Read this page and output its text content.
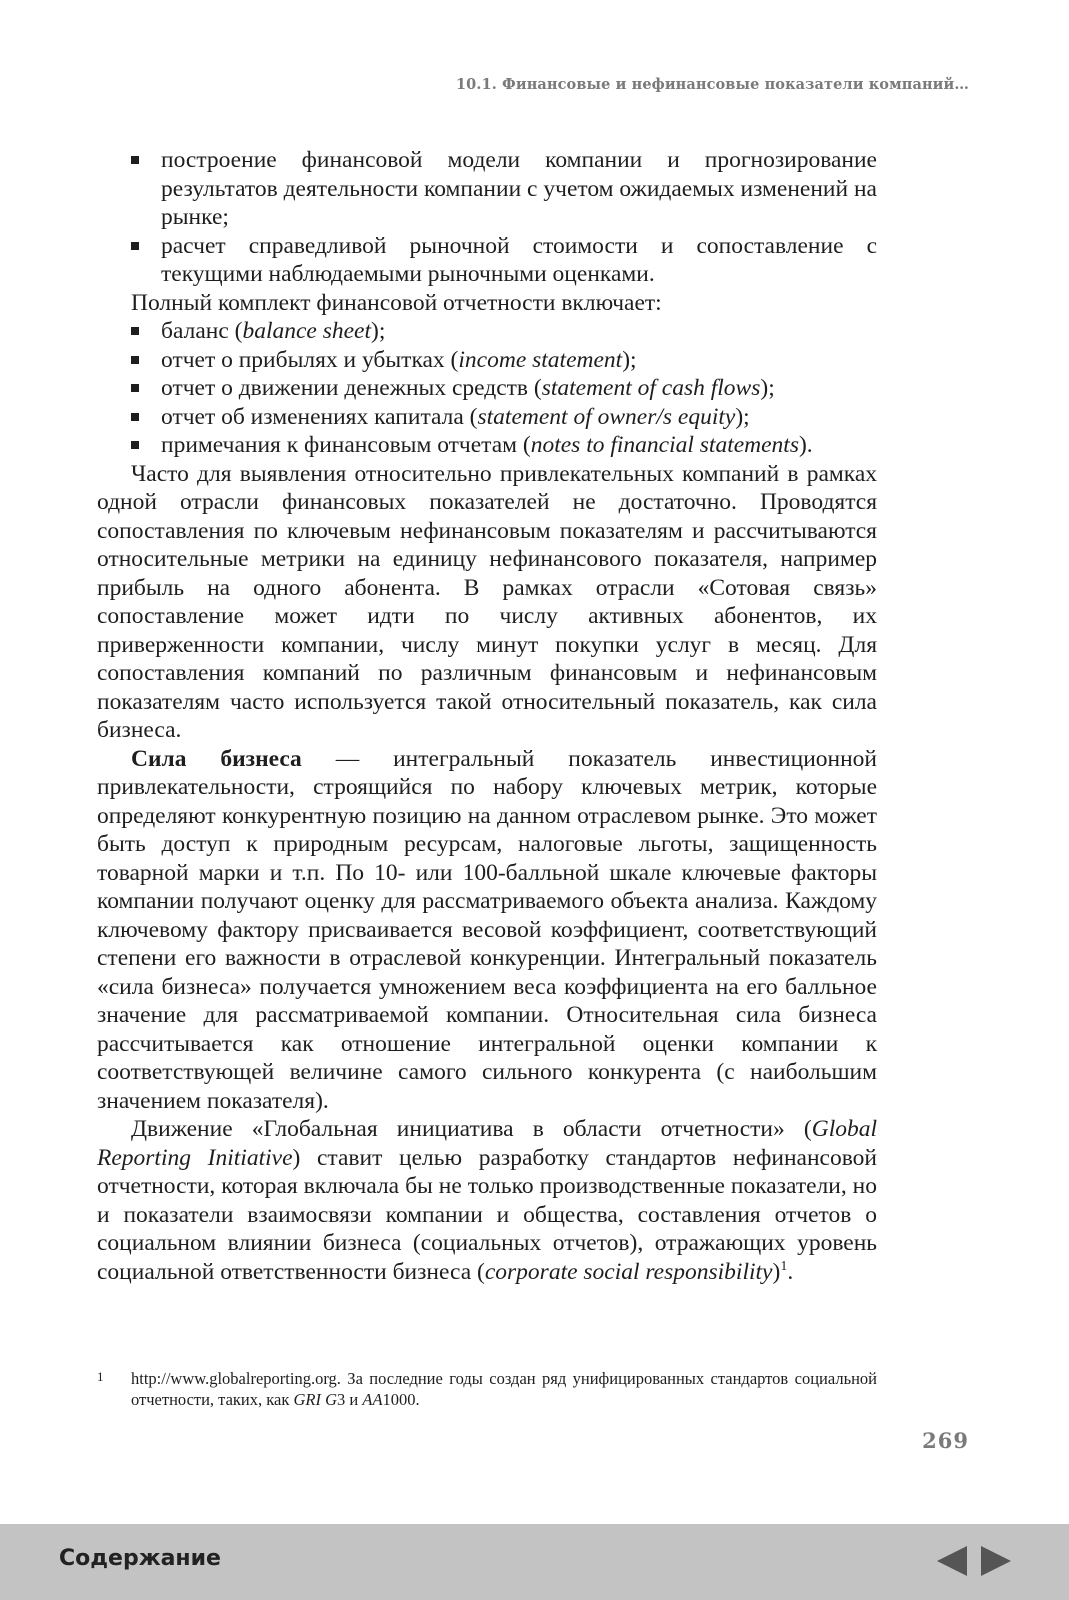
10.1. Финансовые и нефинансовые показатели компаний…

построение финансовой модели компании и прогнозирование результатов деятельности компании с учетом ожидаемых изменений на рынке;

расчет справедливой рыночной стоимости и сопоставление с текущими наблюдаемыми рыночными оценками.

Полный комплект финансовой отчетности включает:

баланс (balance sheet);

отчет о прибылях и убытках (income statement);

отчет о движении денежных средств (statement of cash flows);

отчет об изменениях капитала (statement of owner/s equity);

примечания к финансовым отчетам (notes to financial statements).

Часто для выявления относительно привлекательных компаний в рамках одной отрасли финансовых показателей не достаточно. Проводятся сопоставления по ключевым нефинансовым показателям и рассчитываются относительные метрики на единицу нефинансового показателя, например прибыль на одного абонента. В рамках отрасли «Сотовая связь» сопоставление может идти по числу активных абонентов, их приверженности компании, числу минут покупки услуг в месяц. Для сопоставления компаний по различным финансовым и нефинансовым показателям часто используется такой относительный показатель, как сила бизнеса.

Сила бизнеса — интегральный показатель инвестиционной привлекательности, строящийся по набору ключевых метрик, которые определяют конкурентную позицию на данном отраслевом рынке. Это может быть доступ к природным ресурсам, налоговые льготы, защищенность товарной марки и т.п. По 10- или 100-балльной шкале ключевые факторы компании получают оценку для рассматриваемого объекта анализа. Каждому ключевому фактору присваивается весовой коэффициент, соответствующий степени его важности в отраслевой конкуренции. Интегральный показатель «сила бизнеса» получается умножением веса коэффициента на его балльное значение для рассматриваемой компании. Относительная сила бизнеса рассчитывается как отношение интегральной оценки компании к соответствующей величине самого сильного конкурента (с наибольшим значением показателя).

Движение «Глобальная инициатива в области отчетности» (Global Reporting Initiative) ставит целью разработку стандартов нефинансовой отчетности, которая включала бы не только производственные показатели, но и показатели взаимосвязи компании и общества, составления отчетов о социальном влиянии бизнеса (социальных отчетов), отражающих уровень социальной ответственности бизнеса (corporate social responsibility)$^1$.

1	http://www.globalreporting.org. За последние годы создан ряд унифицированных стандартов социальной отчетности, таких, как GRI G3 и АА1000.

269
Содержание
